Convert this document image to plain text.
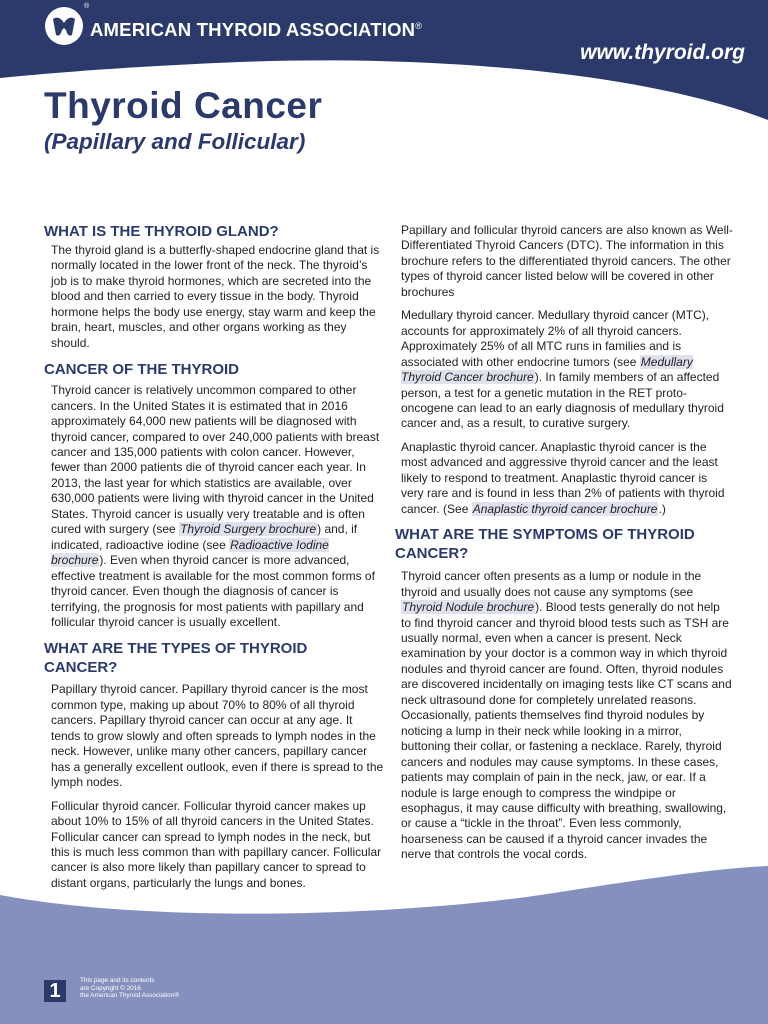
®
AMERICAN THYROID ASSOCIATION®
www.thyroid.org
Thyroid Cancer
(Papillary and Follicular)
WHAT IS THE THYROID GLAND?

The thyroid gland is a butterfly-shaped endocrine gland that is normally located in the lower front of the neck. The thyroid’s job is to make thyroid hormones, which are secreted into the blood and then carried to every tissue in the body. Thyroid hormone helps the body use energy, stay warm and keep the brain, heart, muscles, and other organs working as they should.

CANCER OF THE THYROID

Thyroid cancer is relatively uncommon compared to other cancers. In the United States it is estimated that in 2016 approximately 64,000 new patients will be diagnosed with thyroid cancer, compared to over 240,000 patients with breast cancer and 135,000 patients with colon cancer. However, fewer than 2000 patients die of thyroid cancer each year. In 2013, the last year for which statistics are available, over 630,000 patients were living with thyroid cancer in the United States. Thyroid cancer is usually very treatable and is often cured with surgery (see Thyroid Surgery brochure) and, if indicated, radioactive iodine (see Radioactive Iodine brochure). Even when thyroid cancer is more advanced, effective treatment is available for the most common forms of thyroid cancer. Even though the diagnosis of cancer is terrifying, the prognosis for most patients with papillary and follicular thyroid cancer is usually excellent.

WHAT ARE THE TYPES OF THYROID CANCER?

Papillary thyroid cancer. Papillary thyroid cancer is the most common type, making up about 70% to 80% of all thyroid cancers. Papillary thyroid cancer can occur at any age. It tends to grow slowly and often spreads to lymph nodes in the neck. However, unlike many other cancers, papillary cancer has a generally excellent outlook, even if there is spread to the lymph nodes.

Follicular thyroid cancer. Follicular thyroid cancer makes up about 10% to 15% of all thyroid cancers in the United States. Follicular cancer can spread to lymph nodes in the neck, but this is much less common than with papillary cancer. Follicular cancer is also more likely than papillary cancer to spread to distant organs, particularly the lungs and bones.

Papillary and follicular thyroid cancers are also known as Well-Differentiated Thyroid Cancers (DTC). The information in this brochure refers to the differentiated thyroid cancers. The other types of thyroid cancer listed below will be covered in other brochures

Medullary thyroid cancer. Medullary thyroid cancer (MTC), accounts for approximately 2% of all thyroid cancers. Approximately 25% of all MTC runs in families and is associated with other endocrine tumors (see Medullary Thyroid Cancer brochure). In family members of an affected person, a test for a genetic mutation in the RET proto-oncogene can lead to an early diagnosis of medullary thyroid cancer and, as a result, to curative surgery.

Anaplastic thyroid cancer. Anaplastic thyroid cancer is the most advanced and aggressive thyroid cancer and the least likely to respond to treatment. Anaplastic thyroid cancer is very rare and is found in less than 2% of patients with thyroid cancer. (See Anaplastic thyroid cancer brochure.)

WHAT ARE THE SYMPTOMS OF THYROID CANCER?

Thyroid cancer often presents as a lump or nodule in the thyroid and usually does not cause any symptoms (see Thyroid Nodule brochure). Blood tests generally do not help to find thyroid cancer and thyroid blood tests such as TSH are usually normal, even when a cancer is present. Neck examination by your doctor is a common way in which thyroid nodules and thyroid cancer are found. Often, thyroid nodules are discovered incidentally on imaging tests like CT scans and neck ultrasound done for completely unrelated reasons. Occasionally, patients themselves find thyroid nodules by noticing a lump in their neck while looking in a mirror, buttoning their collar, or fastening a necklace. Rarely, thyroid cancers and nodules may cause symptoms. In these cases, patients may complain of pain in the neck, jaw, or ear. If a nodule is large enough to compress the windpipe or esophagus, it may cause difficulty with breathing, swallowing, or cause a “tickle in the throat”. Even less commonly, hoarseness can be caused if a thyroid cancer invades the nerve that controls the vocal cords.

1	This page and its contents
are Copyright © 2016
the American Thyroid Association®
